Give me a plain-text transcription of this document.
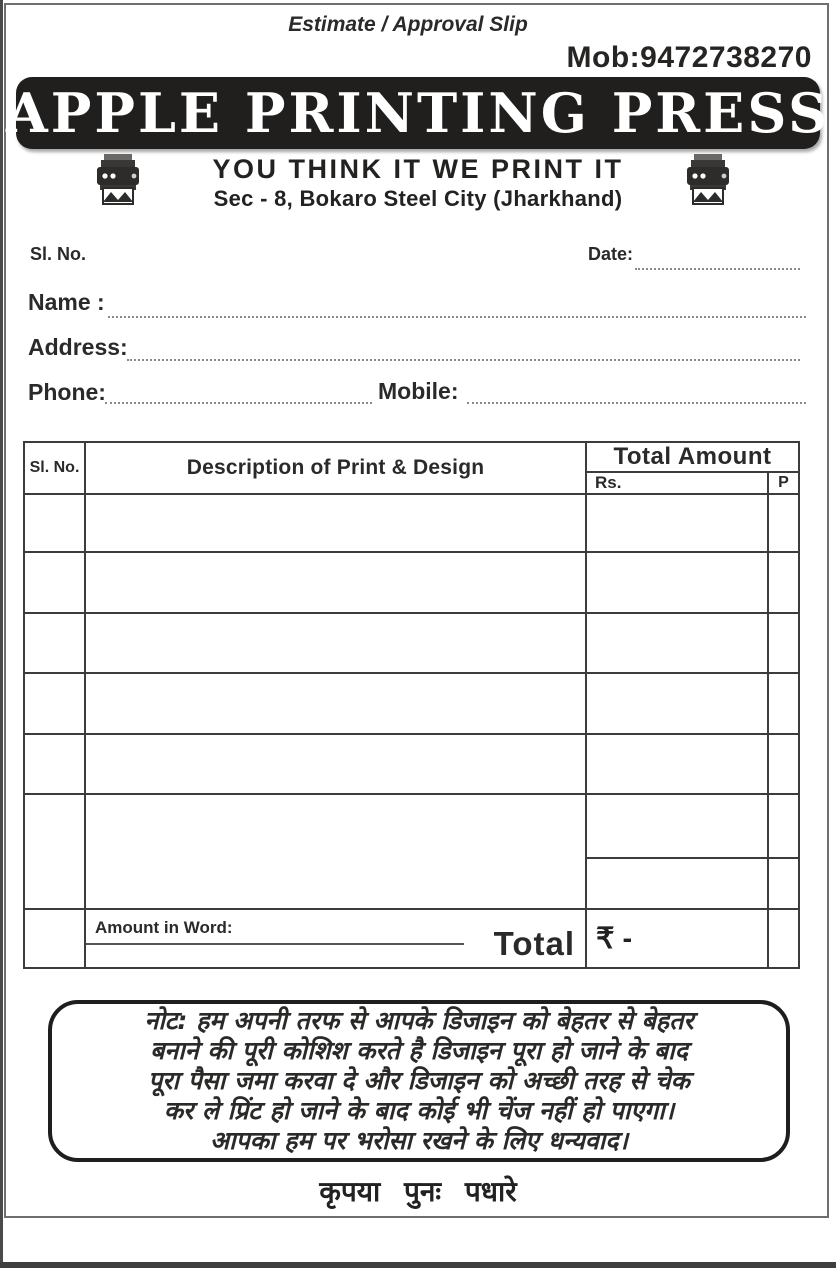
Estimate / Approval Slip
Mob:9472738270
APPLE PRINTING PRESS
YOU THINK IT WE PRINT IT
Sec - 8, Bokaro Steel City (Jharkhand)
Sl. No.	Date:
Name :
Address:
Phone:	Mobile:
Sl. No.	Description of Print & Design	Total Amount	
		Rs.	P

	Amount in Word: Total	₹ -	
नोट: हम अपनी तरफ से आपके डिजाइन को बेहतर से बेहतर
बनाने की पूरी कोशिश करते है डिजाइन पूरा हो जाने के बाद
पूरा पैसा जमा करवा दे और डिजाइन को अच्छी तरह से चेक
कर ले प्रिंट हो जाने के बाद कोई भी चेंज नहीं हो पाएगा।
आपका हम पर भरोसा रखने के लिए धन्यवाद।
कृपया पुनः पधारे
